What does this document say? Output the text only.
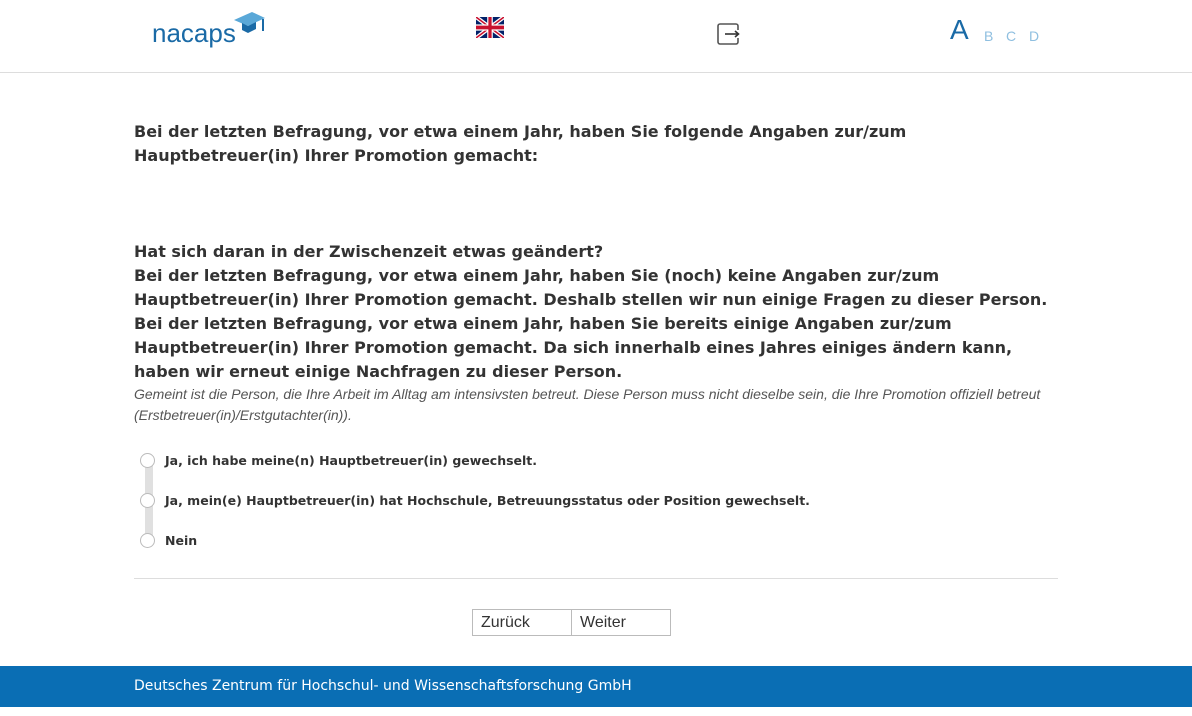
nacaps	A B C D

Bei der letzten Befragung, vor etwa einem Jahr, haben Sie folgende Angaben zur/zum Hauptbetreuer(in) Ihrer Promotion gemacht:

Hat sich daran in der Zwischenzeit etwas geändert?

Bei der letzten Befragung, vor etwa einem Jahr, haben Sie (noch) keine Angaben zur/zum Hauptbetreuer(in) Ihrer Promotion gemacht. Deshalb stellen wir nun einige Fragen zu dieser Person.

Bei der letzten Befragung, vor etwa einem Jahr, haben Sie bereits einige Angaben zur/zum Hauptbetreuer(in) Ihrer Promotion gemacht. Da sich innerhalb eines Jahres einiges ändern kann, haben wir erneut einige Nachfragen zu dieser Person.

Gemeint ist die Person, die Ihre Arbeit im Alltag am intensivsten betreut. Diese Person muss nicht dieselbe sein, die Ihre Promotion offiziell betreut (Erstbetreuer(in)/Erstgutachter(in)).

Ja, ich habe meine(n) Hauptbetreuer(in) gewechselt.
Ja, mein(e) Hauptbetreuer(in) hat Hochschule, Betreuungsstatus oder Position gewechselt.
Nein
Zurück	Weiter
Deutsches Zentrum für Hochschul- und Wissenschaftsforschung GmbH
